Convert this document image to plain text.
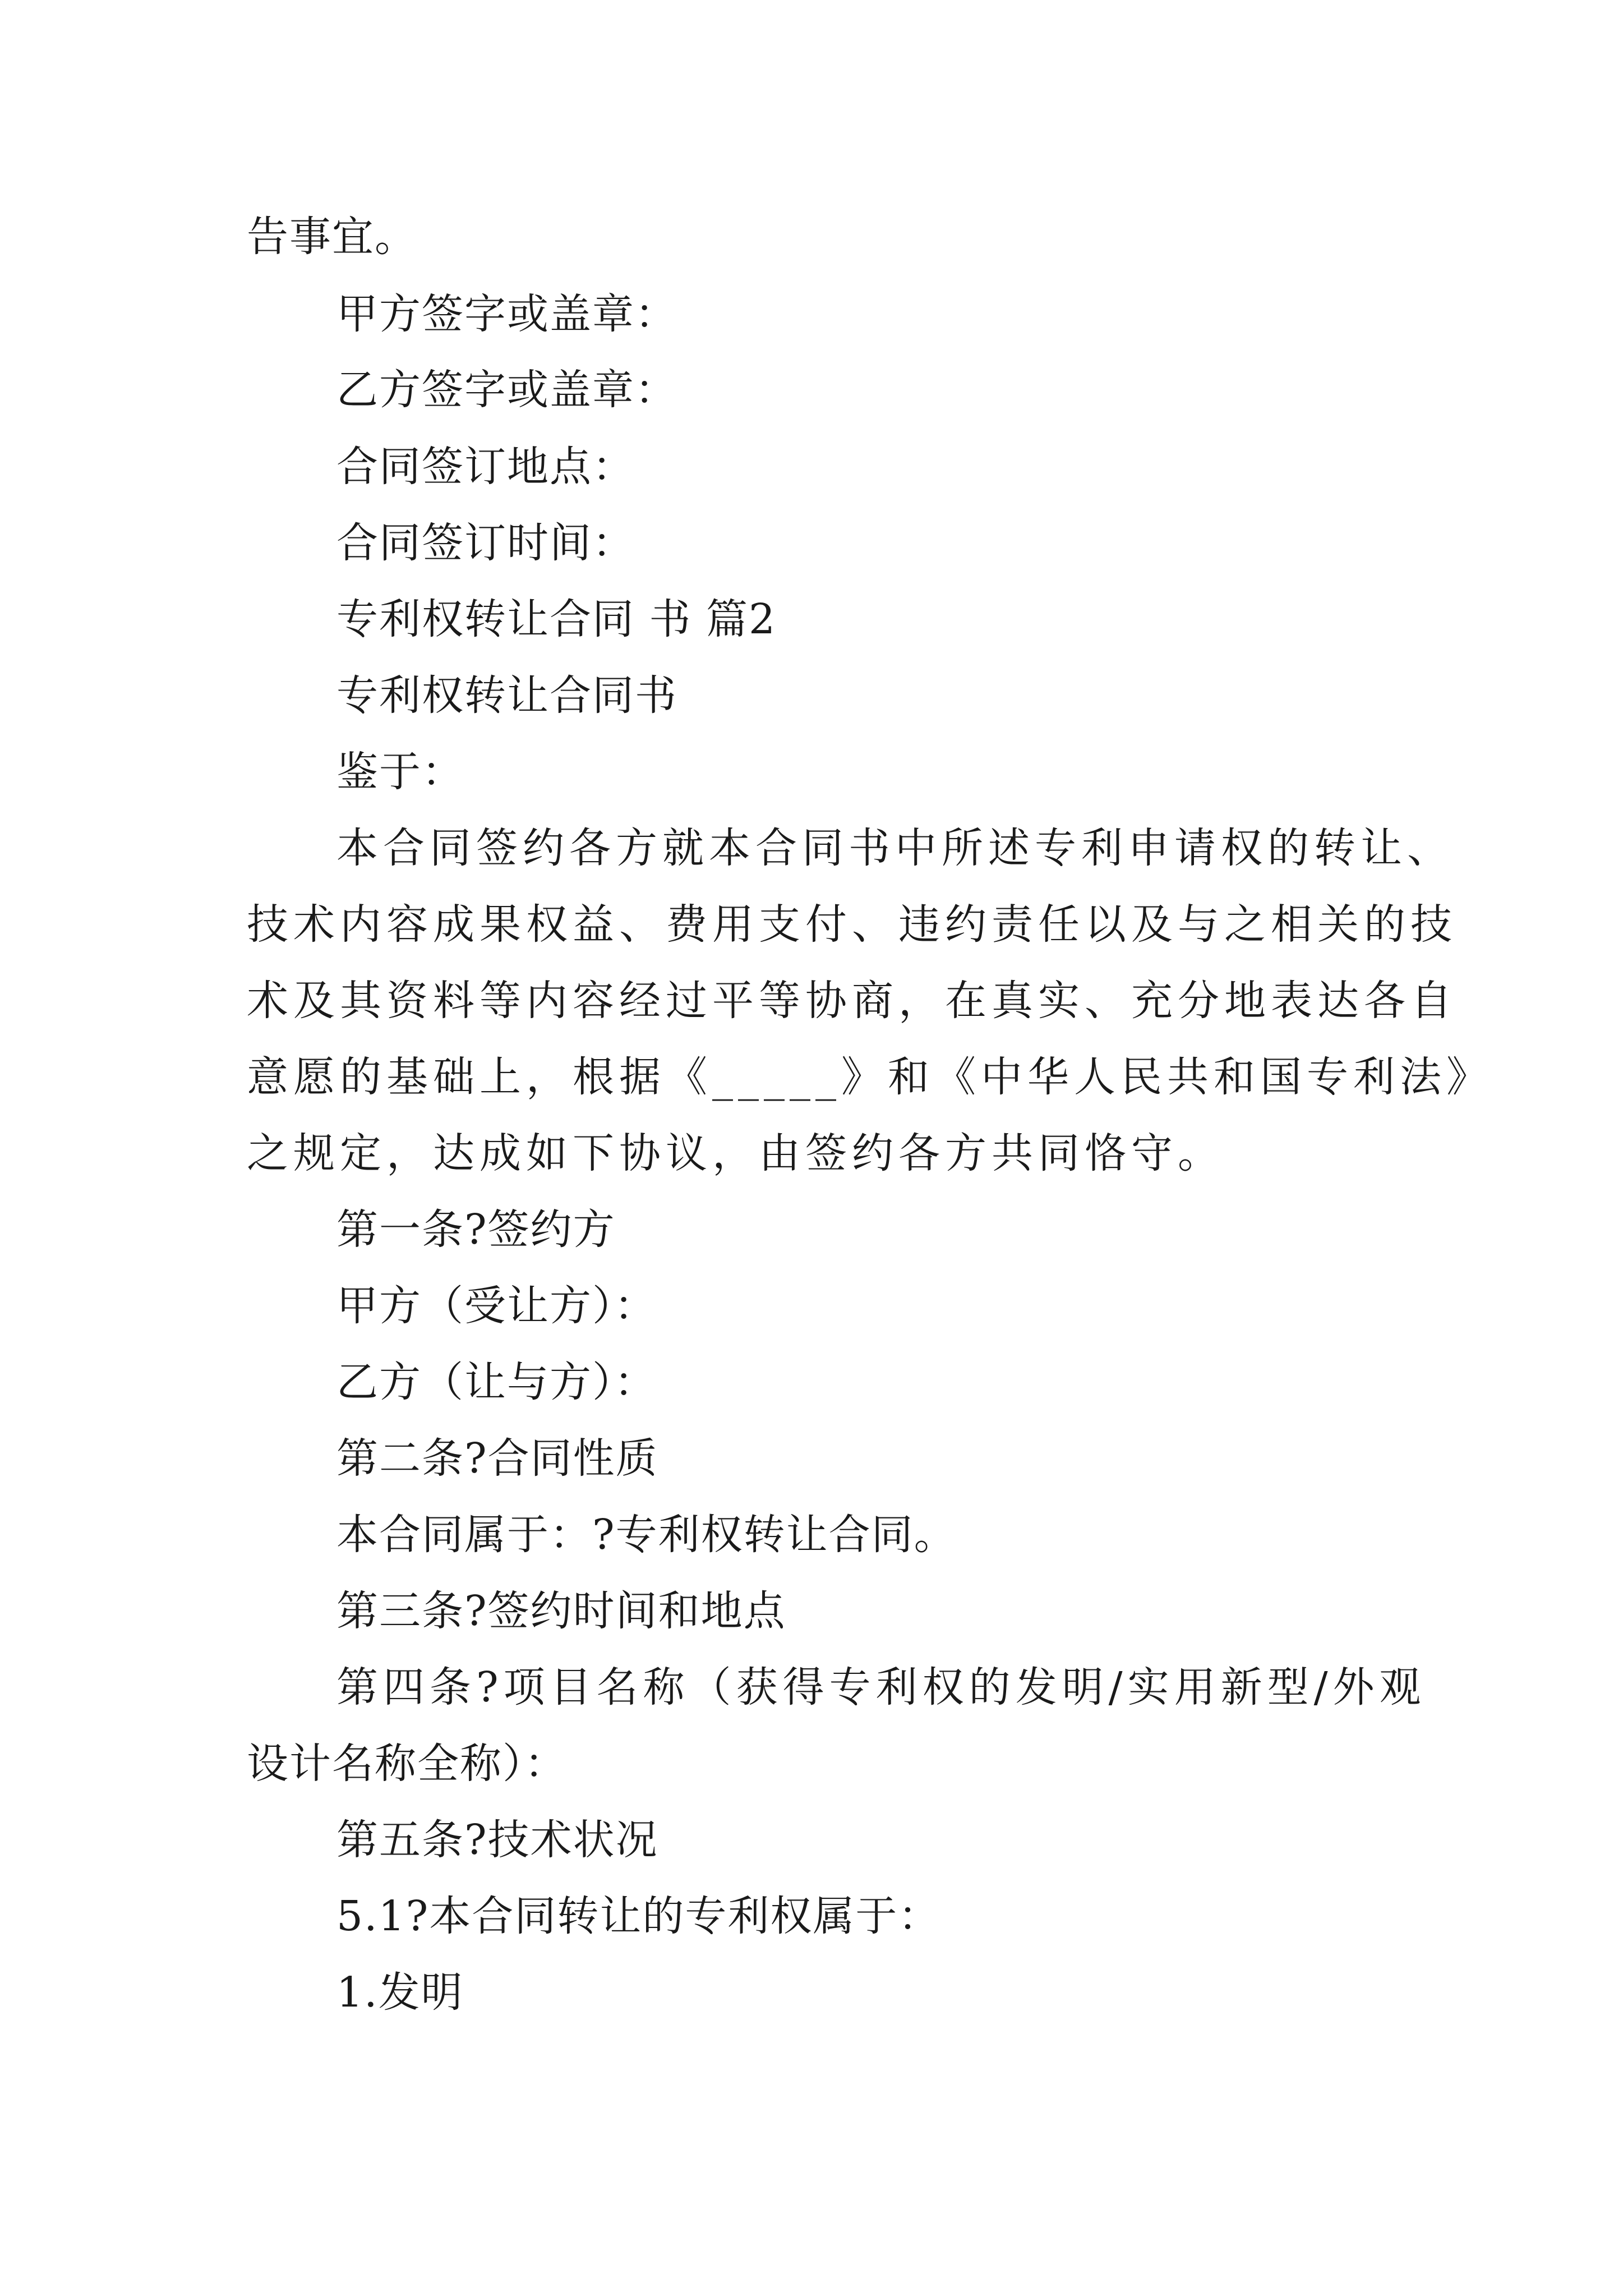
告事宜。
甲方签字或盖章：
乙方签字或盖章：
合同签订地点：
合同签订时间：
专利权转让合同 书 篇2
专利权转让合同书
鉴于：
本合同签约各方就本合同书中所述专利申请权的转让、
技术内容成果权益、费用支付、违约责任以及与之相关的技
术及其资料等内容经过平等协商，在真实、充分地表达各自
意愿的基础上，根据《_____》和《中华人民共和国专利法》
之规定，达成如下协议，由签约各方共同恪守。
第一条?签约方
甲方（受让方）：
乙方（让与方）：
第二条?合同性质
本合同属于：?专利权转让合同。
第三条?签约时间和地点
第四条?项目名称（获得专利权的发明/实用新型/外观
设计名称全称）：
第五条?技术状况
5.1?本合同转让的专利权属于：
1.发明
